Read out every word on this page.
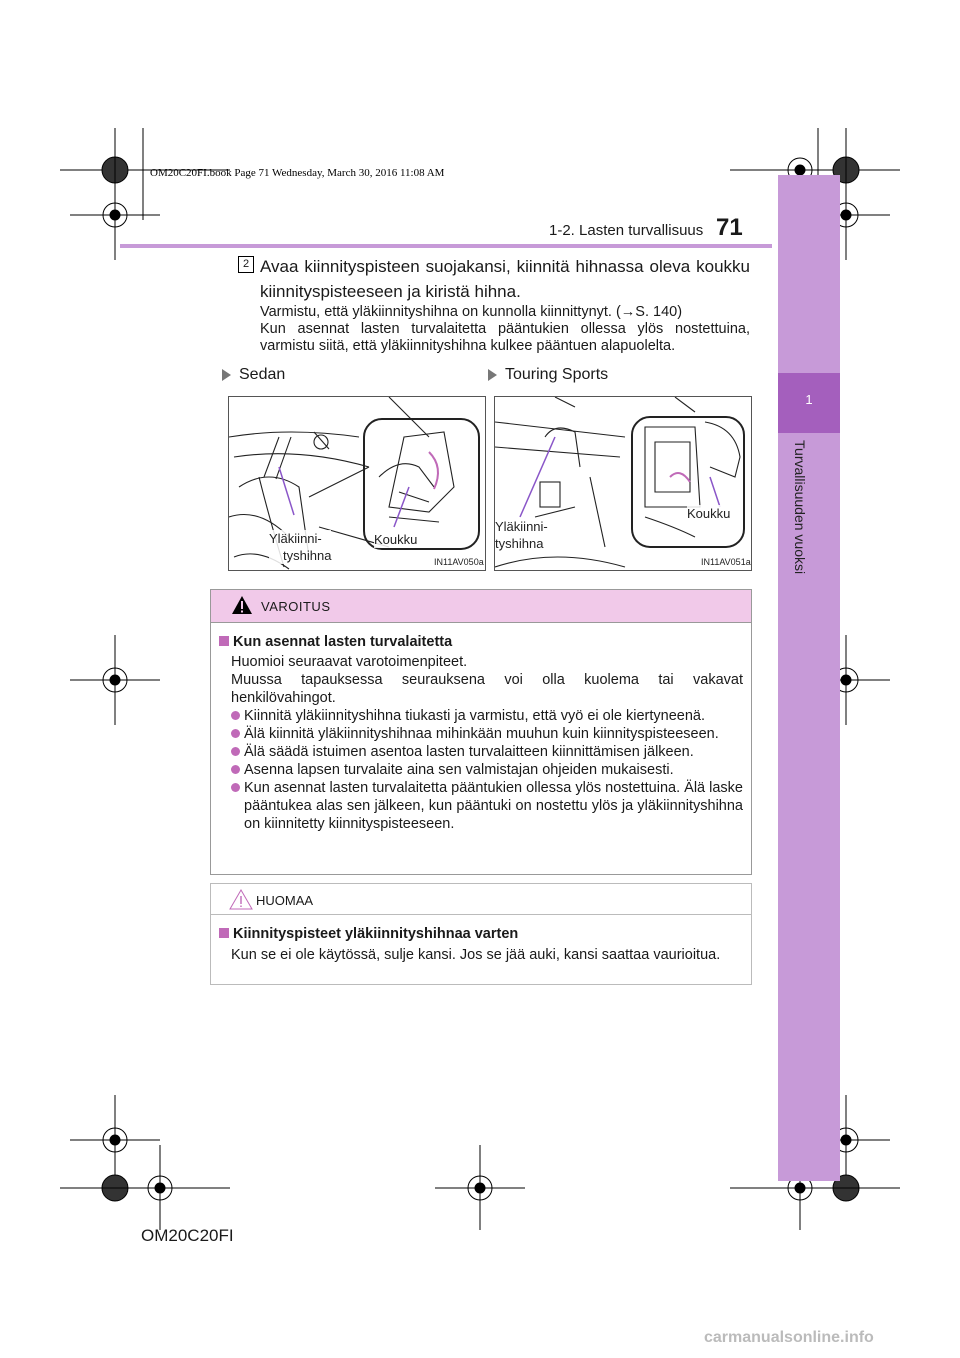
OM20C20FI.book Page 71 Wednesday, March 30, 2016 11:08 AM
1-2. Lasten turvallisuus 71
1
Turvallisuuden vuoksi
2 Avaa kiinnityspisteen suojakansi, kiinnitä hihnassa oleva koukku kiinnityspisteeseen ja kiristä hihna.

Varmistu, että yläkiinnityshihna on kunnolla kiinnittynyt. (→S. 140)

Kun asennat lasten turvalaitetta pääntukien ollessa ylös nostettuina, varmistu siitä, että yläkiinnityshihna kulkee pääntuen alapuolelta.

Sedan	Touring Sports
Yläkiinni-
tyshihna
Koukku
IN11AV050a
Yläkiinni-
tyshihna
Koukku
IN11AV051a
VAROITUS

Kun asennat lasten turvalaitetta

Huomioi seuraavat varotoimenpiteet.

Muussa tapauksessa seurauksena voi olla kuolema tai vakavat henkilövahingot.

Kiinnitä yläkiinnityshihna tiukasti ja varmistu, että vyö ei ole kiertyneenä.

Älä kiinnitä yläkiinnityshihnaa mihinkään muuhun kuin kiinnityspisteeseen.

Älä säädä istuimen asentoa lasten turvalaitteen kiinnittämisen jälkeen.

Asenna lapsen turvalaite aina sen valmistajan ohjeiden mukaisesti.

Kun asennat lasten turvalaitetta pääntukien ollessa ylös nostettuina. Älä laske pääntukea alas sen jälkeen, kun pääntuki on nostettu ylös ja yläkiinnityshihna on kiinnitetty kiinnityspisteeseen.

HUOMAA

Kiinnityspisteet yläkiinnityshihnaa varten

Kun se ei ole käytössä, sulje kansi. Jos se jää auki, kansi saattaa vaurioitua.

OM20C20FI
carmanualsonline.info
